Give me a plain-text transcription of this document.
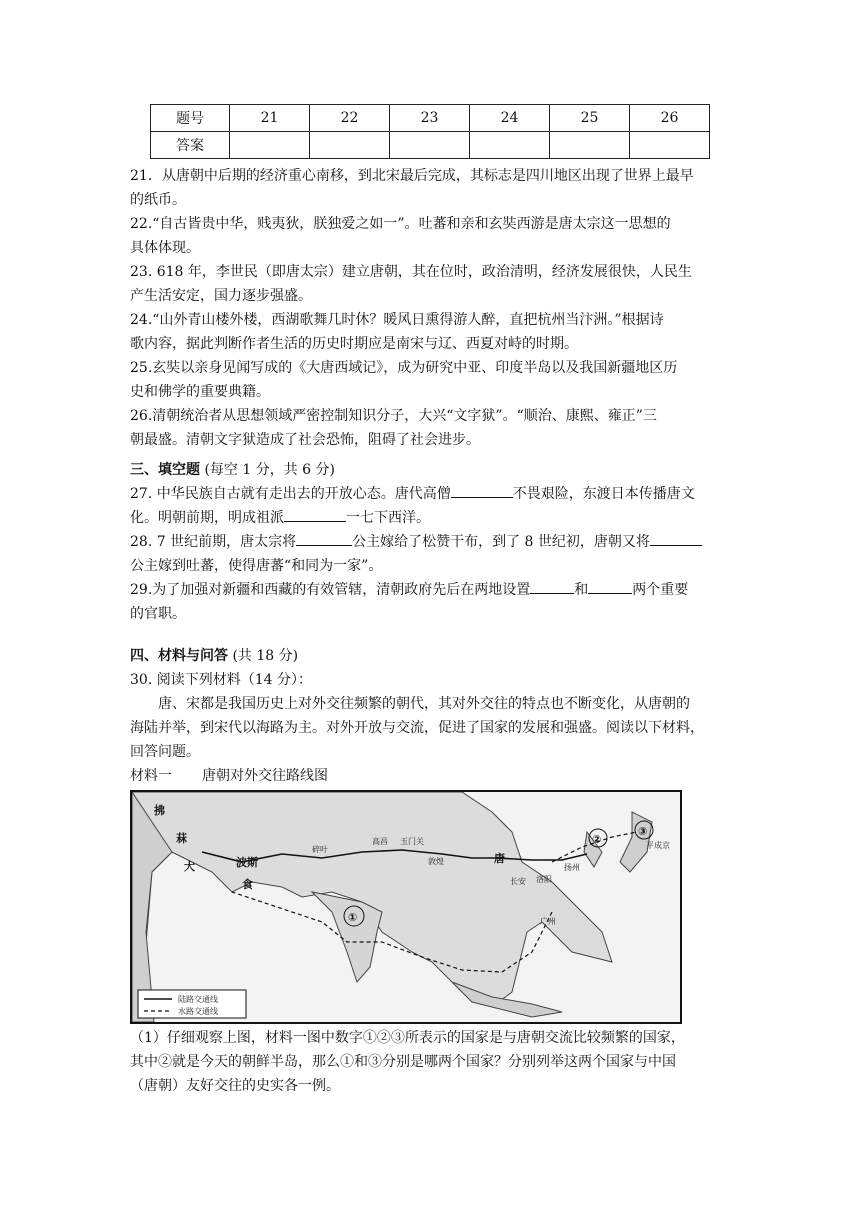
题号	21	22	23	24	25	26
答案						
21．从唐朝中后期的经济重心南移，到北宋最后完成，其标志是四川地区出现了世界上最早
的纸币。
22.“自古皆贵中华，贱夷狄，朕独爱之如一”。吐蕃和亲和玄奘西游是唐太宗这一思想的
具体体现。
23. 618 年，李世民（即唐太宗）建立唐朝，其在位时，政治清明，经济发展很快，人民生
产生活安定，国力逐步强盛。
24.“山外青山楼外楼，西湖歌舞几时休？暖风日熏得游人醉，直把杭州当汴洲。”根据诗
歌内容，据此判断作者生活的历史时期应是南宋与辽、西夏对峙的时期。
25.玄奘以亲身见闻写成的《大唐西域记》，成为研究中亚、印度半岛以及我国新疆地区历
史和佛学的重要典籍。
26.清朝统治者从思想领域严密控制知识分子，大兴“文字狱”。“顺治、康熙、雍正”三
朝最盛。清朝文字狱造成了社会恐怖，阻碍了社会进步。
三、填空题 (每空 1 分，共 6 分)
27. 中华民族自古就有走出去的开放心态。唐代高僧	不畏艰险，东渡日本传播唐文
化。明朝前期，明成祖派	一七下西洋。
28. 7 世纪前期，唐太宗将	公主嫁给了松赞干布，到了 8 世纪初，唐朝又将
公主嫁到吐蕃，使得唐蕃“和同为一家”。
29.为了加强对新疆和西藏的有效管辖，清朝政府先后在两地设置	和	两个重要
的官职。
四、材料与问答 (共 18 分)
30. 阅读下列材料（14 分）：
唐、宋都是我国历史上对外交往频繁的朝代，其对外交往的特点也不断变化，从唐朝的
海陆并举，到宋代以海路为主。对外开放与交流，促进了国家的发展和强盛。阅读以下材料，
回答问题。
材料一 唐朝对外交往路线图
拂
菻
大
食
波斯
碎叶
高昌 玉门关
敦煌	唐
长安 洛阳
扬州
广州
平成京
①
②
③
陆路交通线
水路交通线
（1）仔细观察上图，材料一图中数字①②③所表示的国家是与唐朝交流比较频繁的国家，
其中②就是今天的朝鲜半岛，那么①和③分别是哪两个国家？分别列举这两个国家与中国
（唐朝）友好交往的史实各一例。
